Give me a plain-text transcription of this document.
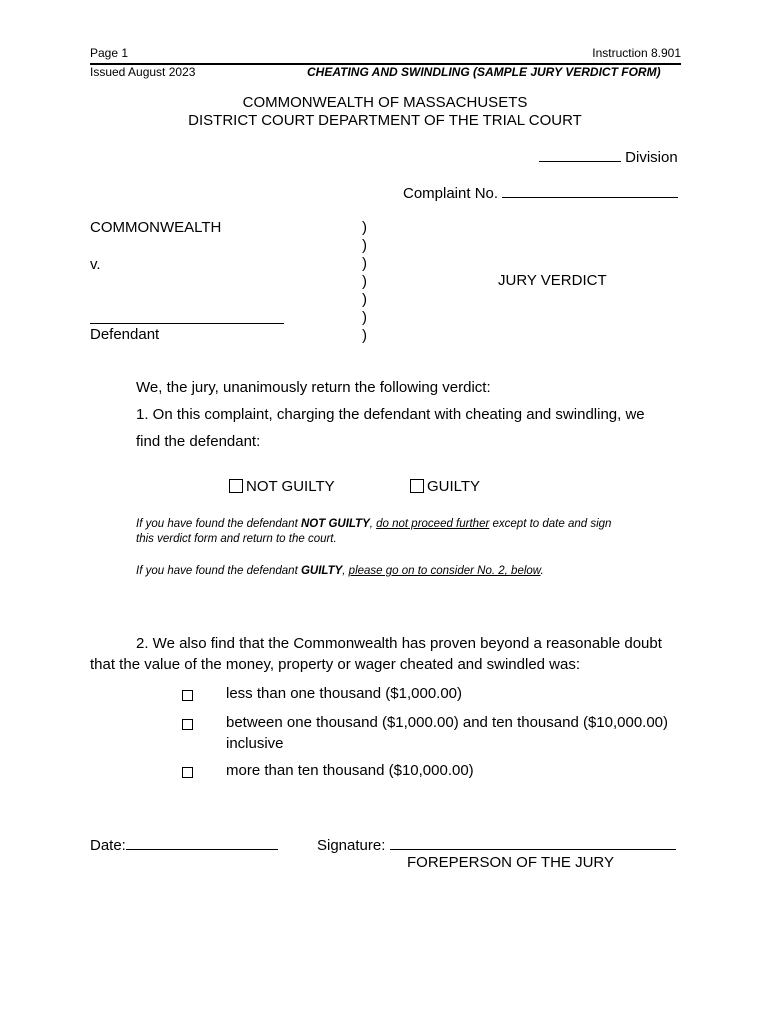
Page 1	Instruction 8.901
Issued August 2023	CHEATING AND SWINDLING (SAMPLE JURY VERDICT FORM)
COMMONWEALTH OF MASSACHUSETS
DISTRICT COURT DEPARTMENT OF THE TRIAL COURT
Division
Complaint No.
COMMONWEALTH
v.
Defendant
)
)
)
)
)
)
)
JURY VERDICT
We, the jury, unanimously return the following verdict:
1. On this complaint, charging the defendant with cheating and swindling, we
find the defendant:
NOT GUILTY	GUILTY
If you have found the defendant NOT GUILTY, do not proceed further except to date and sign
this verdict form and return to the court.
If you have found the defendant GUILTY, please go on to consider No. 2, below.
2. We also find that the Commonwealth has proven beyond a reasonable doubt
that the value of the money, property or wager cheated and swindled was:
less than one thousand ($1,000.00)
between one thousand ($1,000.00) and ten thousand ($10,000.00)
inclusive
more than ten thousand ($10,000.00)
Date:	Signature:
FOREPERSON OF THE JURY
